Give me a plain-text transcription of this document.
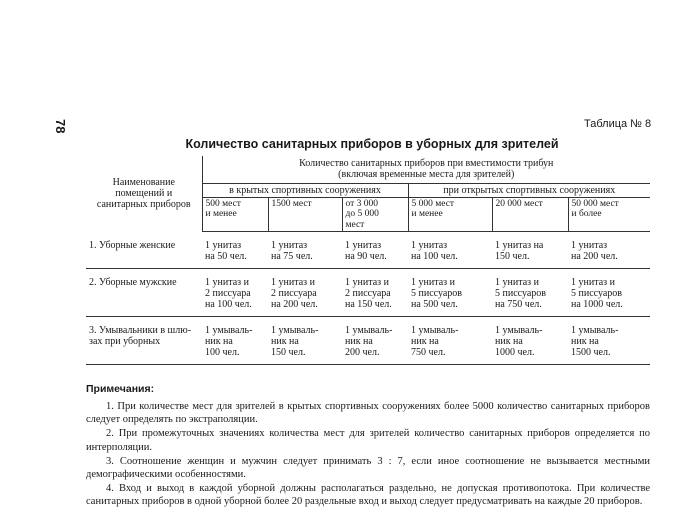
78	Таблица № 8
Количество санитарных приборов в уборных для зрителей
Наименование
помещений и
санитарных приборов	Количество санитарных приборов при вместимости трибун
(включая временные места для зрителей)					
	в крытых спортивных сооружениях			при открытых спортивных сооружениях		
	500 мест
и менее	1500 мест	от 3 000
до 5 000
мест	5 000 мест
и менее	20 000 мест	50 000 мест
и более
1. Уборные женские	1 унитаз
на 50 чел.	1 унитаз
на 75 чел.	1 унитаз
на 90 чел.	1 унитаз
на 100 чел.	1 унитаз на
150 чел.	1 унитаз
на 200 чел.
2. Уборные мужские	1 унитаз и
2 писсуара
на 100 чел.	1 унитаз и
2 писсуара
на 200 чел.	1 унитаз и
2 писсуара
на 150 чел.	1 унитаз и
5 писсуаров
на 500 чел.	1 унитаз и
5 писсуаров
на 750 чел.	1 унитаз и
5 писсуаров
на 1000 чел.
3. Умывальники в шлю-
зах при уборных	1 умываль-
ник на
100 чел.	1 умываль-
ник на
150 чел.	1 умываль-
ник на
200 чел.	1 умываль-
ник на
750 чел.	1 умываль-
ник на
1000 чел.	1 умываль-
ник на
1500 чел.
Примечания:

1. При количестве мест для зрителей в крытых спортивных сооружениях более 5000 количество санитарных приборов следует определять по экстраполяции.

2. При промежуточных значениях количества мест для зрителей количество санитарных приборов определяется по интерполяции.

3. Соотношение женщин и мужчин следует принимать 3 : 7, если иное соотношение не вызывается местными демографическими особенностями.

4. Вход и выход в каждой уборной должны располагаться раздельно, не допуская противопотока. При количестве санитарных приборов в одной уборной более 20 раздельные вход и выход следует предусматривать на каждые 20 приборов.
